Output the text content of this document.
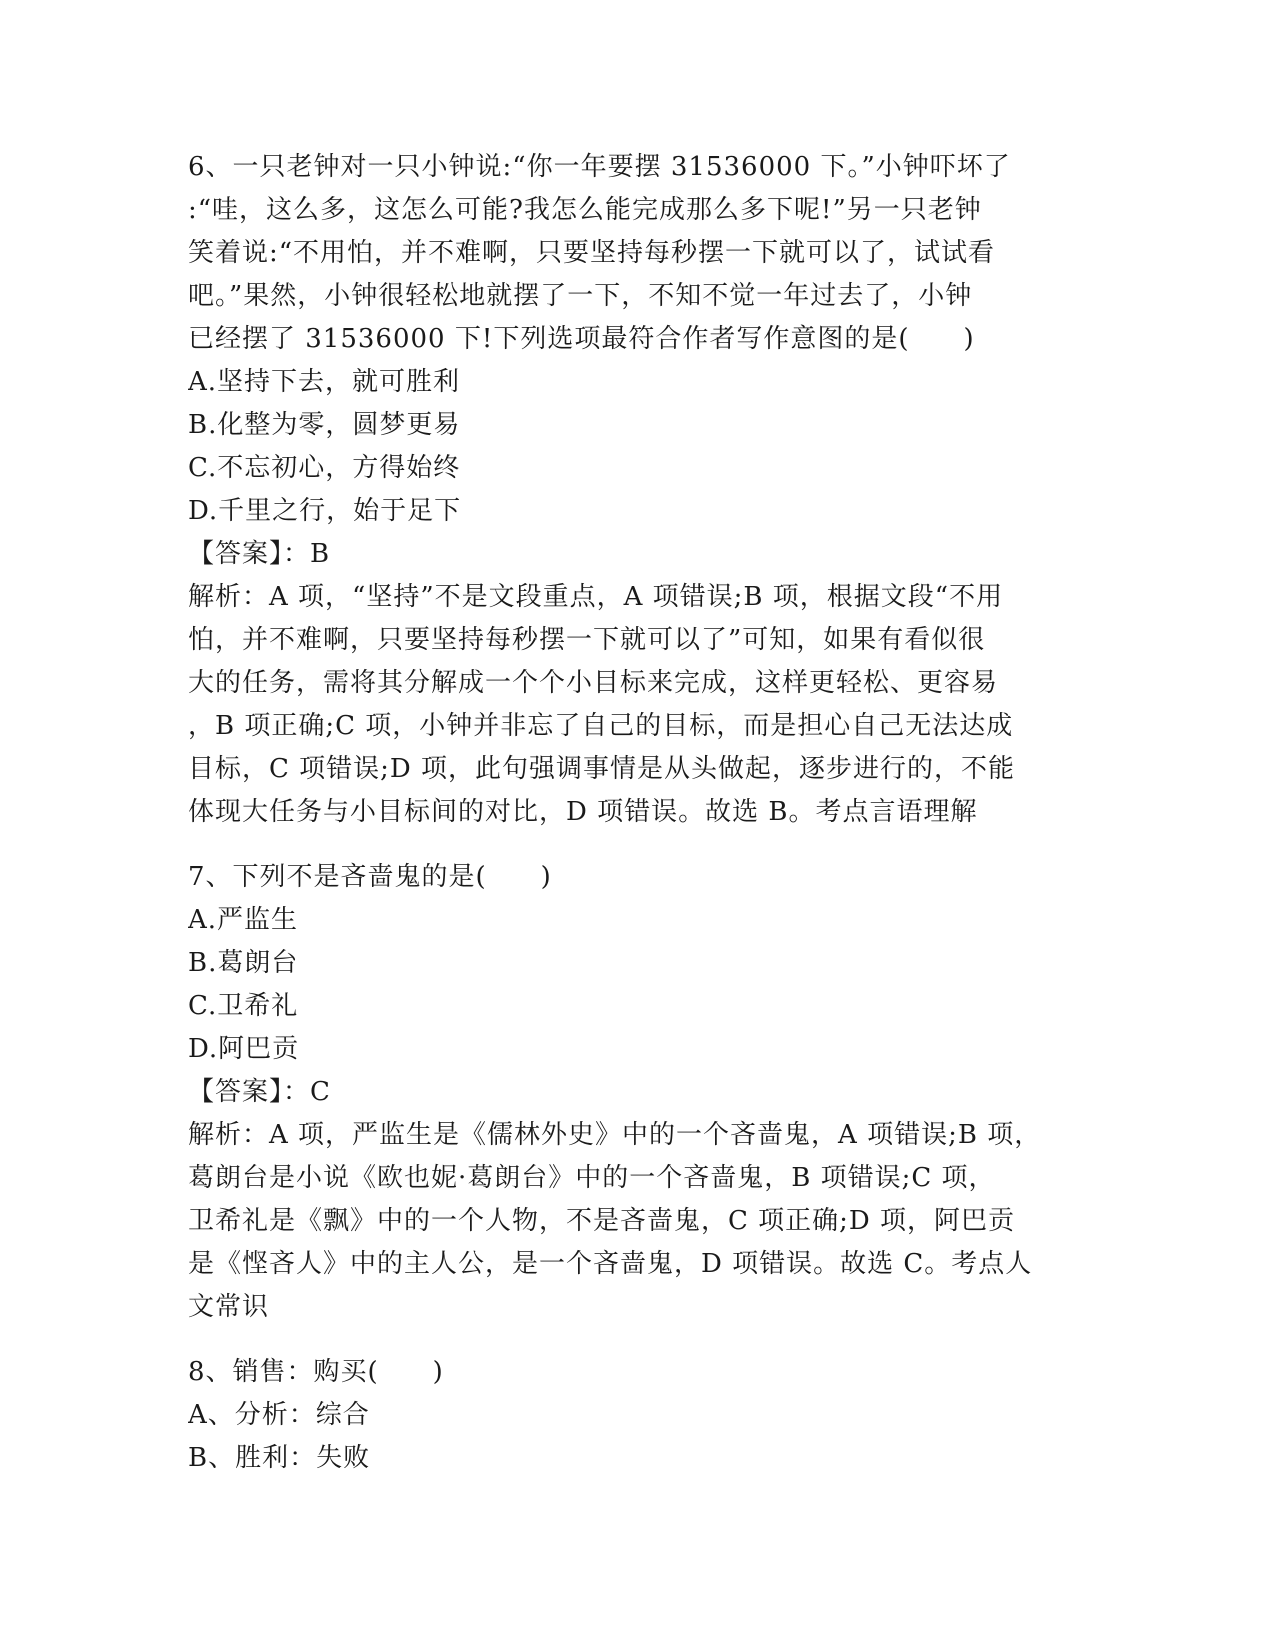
6、一只老钟对一只小钟说:“你一年要摆 31536000 下。”小钟吓坏了
:“哇，这么多，这怎么可能?我怎么能完成那么多下呢!”另一只老钟
笑着说:“不用怕，并不难啊，只要坚持每秒摆一下就可以了，试试看
吧。”果然，小钟很轻松地就摆了一下，不知不觉一年过去了，小钟
已经摆了 31536000 下!下列选项最符合作者写作意图的是(　　)
A.坚持下去，就可胜利
B.化整为零，圆梦更易
C.不忘初心，方得始终
D.千里之行，始于足下
【答案】：B
解析：A 项，“坚持”不是文段重点，A 项错误;B 项，根据文段“不用
怕，并不难啊，只要坚持每秒摆一下就可以了”可知，如果有看似很
大的任务，需将其分解成一个个小目标来完成，这样更轻松、更容易
，B 项正确;C 项，小钟并非忘了自己的目标，而是担心自己无法达成
目标，C 项错误;D 项，此句强调事情是从头做起，逐步进行的，不能
体现大任务与小目标间的对比，D 项错误。故选 B。考点言语理解
7、下列不是吝啬鬼的是(　　)
A.严监生
B.葛朗台
C.卫希礼
D.阿巴贡
【答案】：C
解析：A 项，严监生是《儒林外史》中的一个吝啬鬼，A 项错误;B 项，
葛朗台是小说《欧也妮·葛朗台》中的一个吝啬鬼，B 项错误;C 项，
卫希礼是《飘》中的一个人物，不是吝啬鬼，C 项正确;D 项，阿巴贡
是《悭吝人》中的主人公，是一个吝啬鬼，D 项错误。故选 C。考点人
文常识
8、销售：购买(　　)
A、分析：综合
B、胜利：失败
